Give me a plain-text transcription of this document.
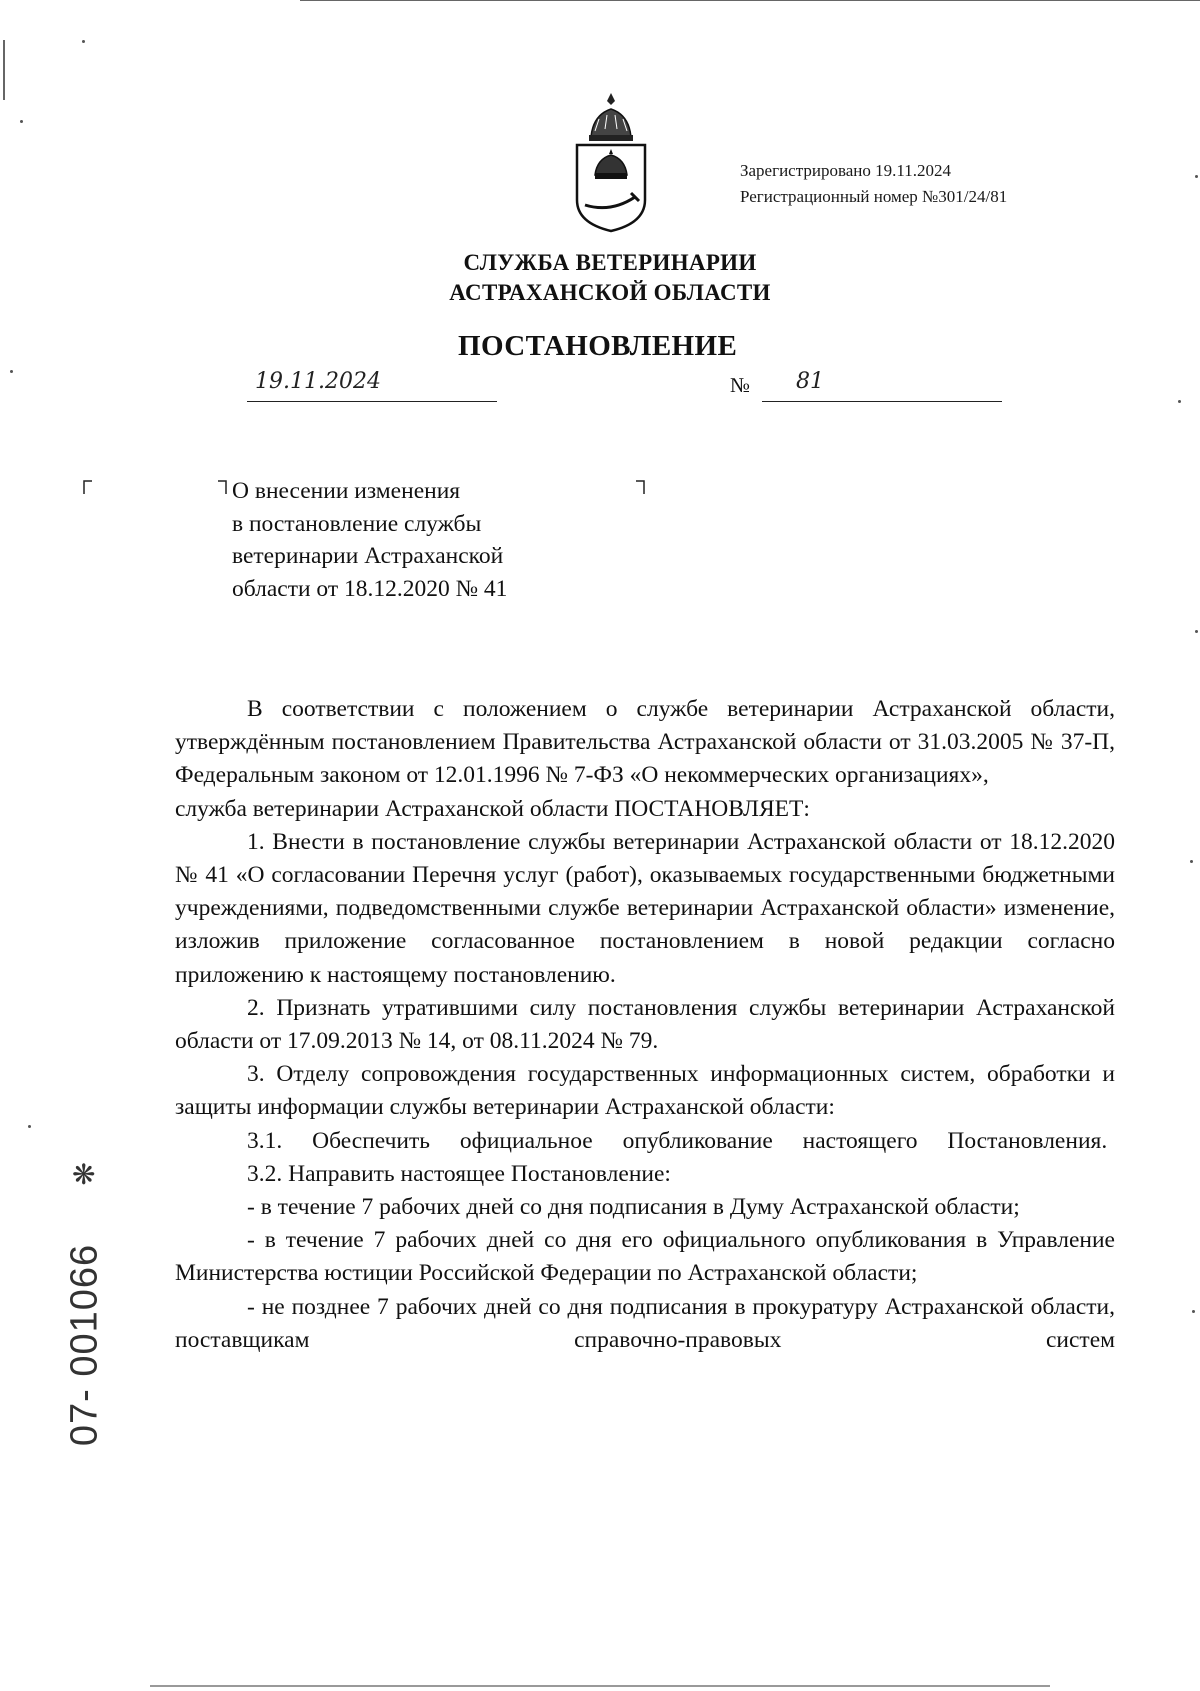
Зарегистрировано 19.11.2024
Регистрационный номер №301/24/81
СЛУЖБА ВЕТЕРИНАРИИ
АСТРАХАНСКОЙ ОБЛАСТИ
ПОСТАНОВЛЕНИЕ
19.11.2024	№ 81
О внесении изменения
в постановление службы
ветеринарии Астраханской
области от 18.12.2020 № 41

В соответствии с положением о службе ветеринарии Астраханской области, утверждённым постановлением Правительства Астраханской области от 31.03.2005 № 37-П, Федеральным законом от 12.01.1996 № 7-ФЗ «О некоммерческих организациях»,

служба ветеринарии Астраханской области ПОСТАНОВЛЯЕТ:

1. Внести в постановление службы ветеринарии Астраханской области от 18.12.2020 № 41 «О согласовании Перечня услуг (работ), оказываемых государственными бюджетными учреждениями, подведомственными службе ветеринарии Астраханской области» изменение, изложив приложение согласованное постановлением в новой редакции согласно приложению к настоящему постановлению.

2. Признать утратившими силу постановления службы ветеринарии Астраханской области от 17.09.2013 № 14, от 08.11.2024 № 79.

3. Отделу сопровождения государственных информационных систем, обработки и защиты информации службы ветеринарии Астраханской области:

3.1. Обеспечить официальное опубликование настоящего Постановления.

3.2. Направить настоящее Постановление:

- в течение 7 рабочих дней со дня подписания в Думу Астраханской области;

- в течение 7 рабочих дней со дня его официального опубликования в Управление Министерства юстиции Российской Федерации по Астраханской области;

- не позднее 7 рабочих дней со дня подписания в прокуратуру Астраханской области, поставщикам справочно-правовых систем

❋
07- 001066
